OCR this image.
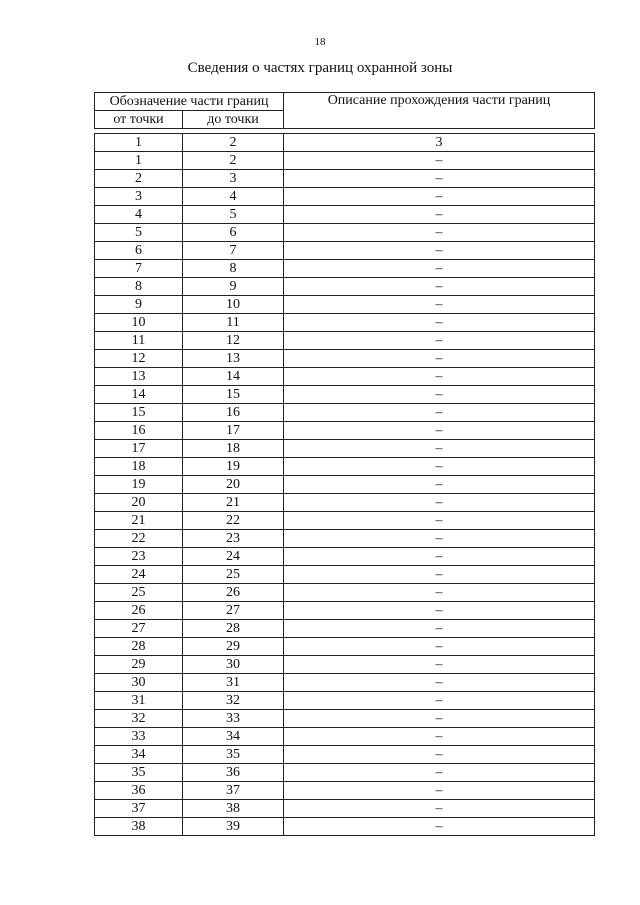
18
Сведения о частях границ охранной зоны
Обозначение части границ		Описание прохождения части границ
от точки	до точки	

1	2	3
1	2	–
2	3	–
3	4	–
4	5	–
5	6	–
6	7	–
7	8	–
8	9	–
9	10	–
10	11	–
11	12	–
12	13	–
13	14	–
14	15	–
15	16	–
16	17	–
17	18	–
18	19	–
19	20	–
20	21	–
21	22	–
22	23	–
23	24	–
24	25	–
25	26	–
26	27	–
27	28	–
28	29	–
29	30	–
30	31	–
31	32	–
32	33	–
33	34	–
34	35	–
35	36	–
36	37	–
37	38	–
38	39	–
